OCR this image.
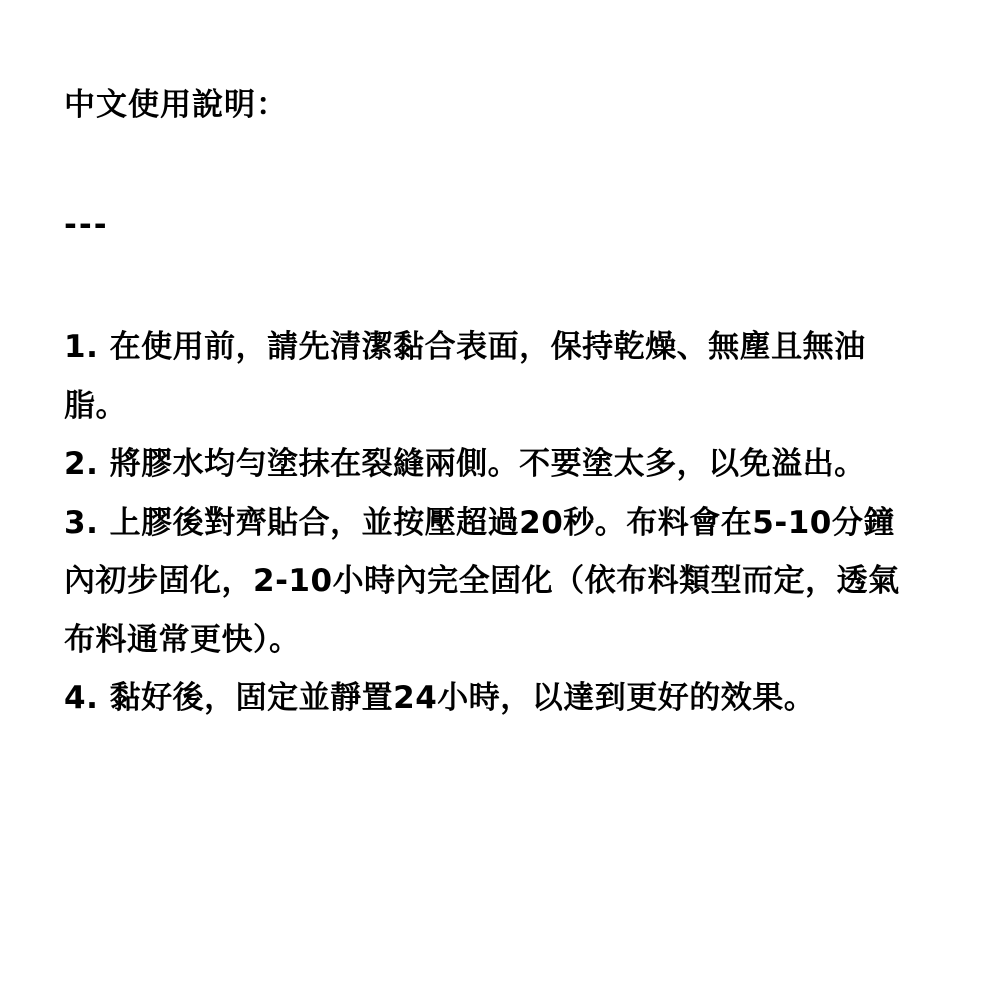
中文使用說明：
---
1. 在使用前，請先清潔黏合表面，保持乾燥、無塵且無油脂。
2. 將膠水均勻塗抹在裂縫兩側。不要塗太多，以免溢出。
3. 上膠後對齊貼合，並按壓超過20秒。布料會在5-10分鐘內初步固化，2-10小時內完全固化（依布料類型而定，透氣布料通常更快）。
4. 黏好後，固定並靜置24小時，以達到更好的效果。
